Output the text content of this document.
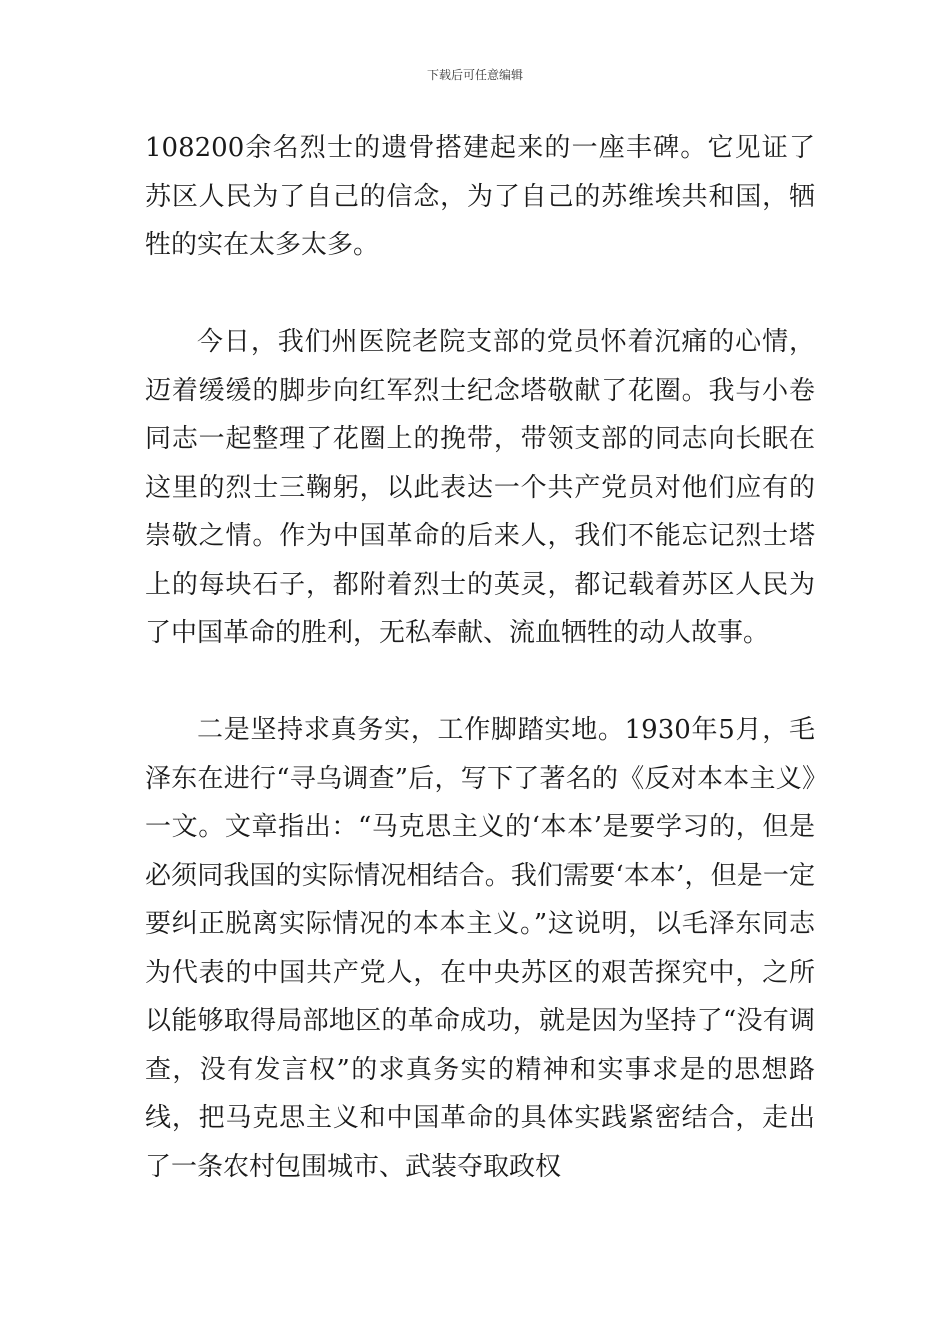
下载后可任意编辑

108200余名烈士的遗骨搭建起来的一座丰碑。它见证了苏区人民为了自己的信念，为了自己的苏维埃共和国，牺牲的实在太多太多。

今日，我们州医院老院支部的党员怀着沉痛的心情，迈着缓缓的脚步向红军烈士纪念塔敬献了花圈。我与小卷同志一起整理了花圈上的挽带，带领支部的同志向长眠在这里的烈士三鞠躬，以此表达一个共产党员对他们应有的崇敬之情。作为中国革命的后来人，我们不能忘记烈士塔上的每块石子，都附着烈士的英灵，都记载着苏区人民为了中国革命的胜利，无私奉献、流血牺牲的动人故事。

二是坚持求真务实，工作脚踏实地。1930年5月，毛泽东在进行“寻乌调查”后，写下了著名的《反对本本主义》一文。文章指出：“马克思主义的‘本本’是要学习的，但是必须同我国的实际情况相结合。我们需要‘本本’，但是一定要纠正脱离实际情况的本本主义。”这说明，以毛泽东同志为代表的中国共产党人，在中央苏区的艰苦探究中，之所以能够取得局部地区的革命成功，就是因为坚持了“没有调查，没有发言权”的求真务实的精神和实事求是的思想路线，把马克思主义和中国革命的具体实践紧密结合，走出了一条农村包围城市、武装夺取政权
